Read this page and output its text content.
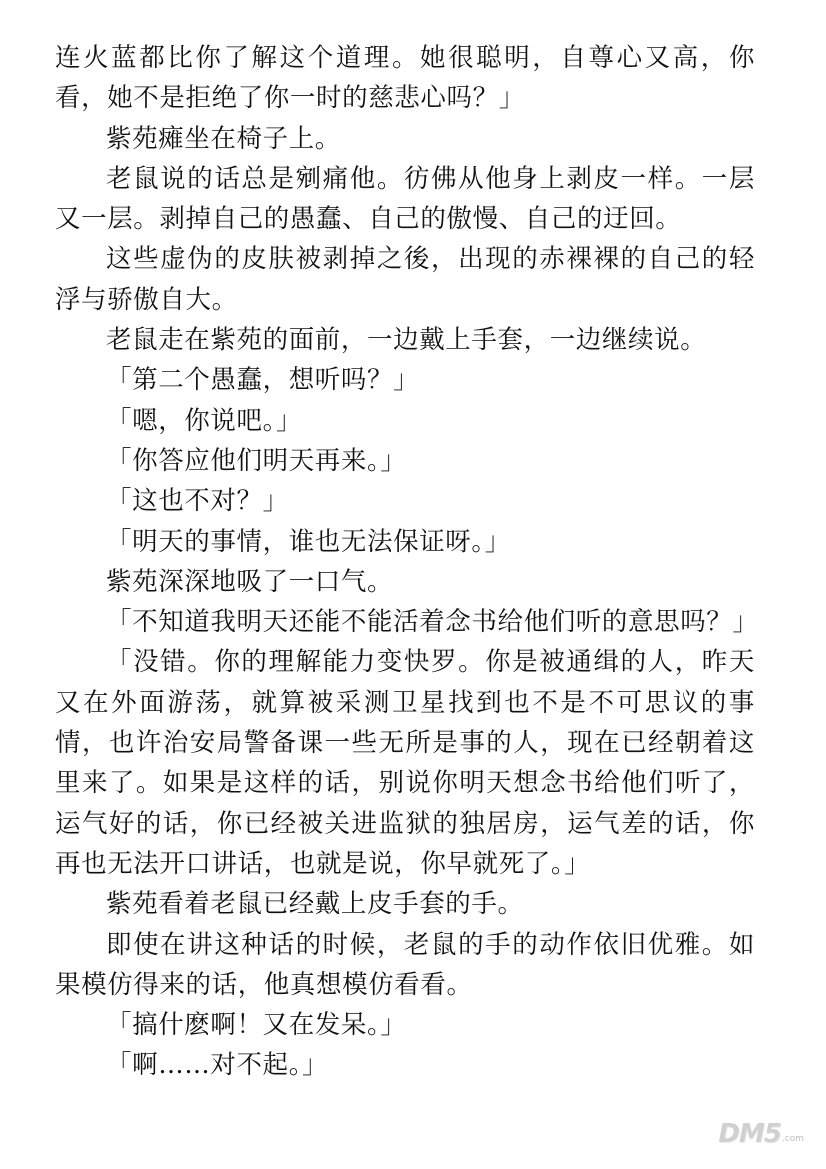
连火蓝都比你了解这个道理。她很聪明，自尊心又高，你看，她不是拒绝了你一时的慈悲心吗？」

紫苑瘫坐在椅子上。

老鼠说的话总是剜痛他。彷佛从他身上剥皮一样。一层又一层。剥掉自己的愚蠢、自己的傲慢、自己的迂回。

这些虚伪的皮肤被剥掉之後，出现的赤裸裸的自己的轻浮与骄傲自大。

老鼠走在紫苑的面前，一边戴上手套，一边继续说。

「第二个愚蠢，想听吗？」

「嗯，你说吧。」

「你答应他们明天再来。」

「这也不对？」

「明天的事情，谁也无法保证呀。」

紫苑深深地吸了一口气。

「不知道我明天还能不能活着念书给他们听的意思吗？」

「没错。你的理解能力变快罗。你是被通缉的人，昨天又在外面游荡，就算被采测卫星找到也不是不可思议的事情，也许治安局警备课一些无所是事的人，现在已经朝着这里来了。如果是这样的话，别说你明天想念书给他们听了，运气好的话，你已经被关进监狱的独居房，运气差的话，你再也无法开口讲话，也就是说，你早就死了。」

紫苑看着老鼠已经戴上皮手套的手。

即使在讲这种话的时候，老鼠的手的动作依旧优雅。如果模仿得来的话，他真想模仿看看。

「搞什麽啊！又在发呆。」

「啊……对不起。」

DM5 .com
